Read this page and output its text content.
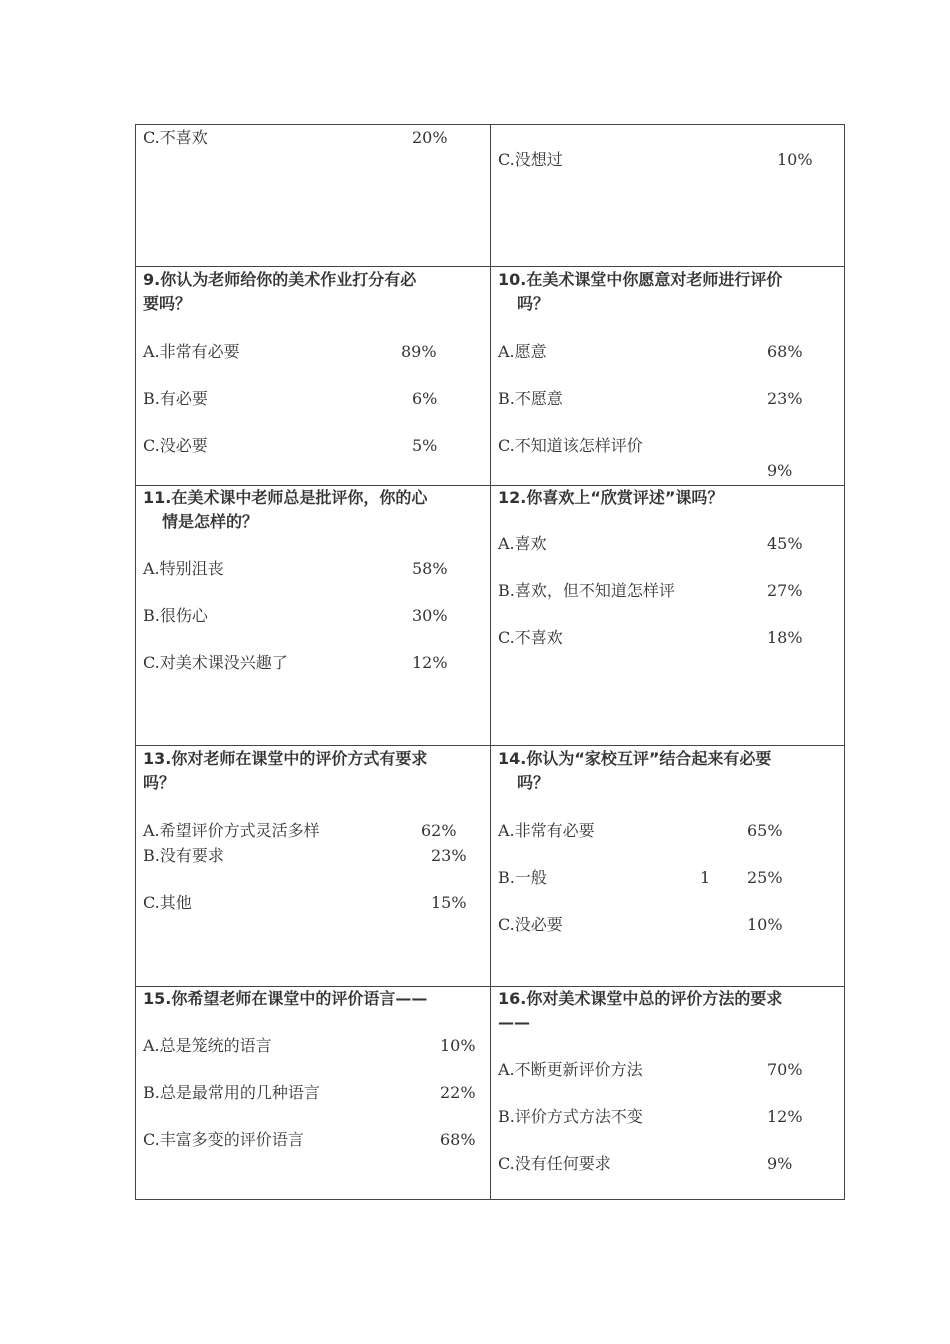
C.不喜欢	20%
C.没想过	10%
9.你认为老师给你的美术作业打分有必
要吗？
A.非常有必要	89%
B.有必要	6%
C.没必要	5%
10.在美术课堂中你愿意对老师进行评价
吗？
A.愿意	68%
B.不愿意	23%
C.不知道该怎样评价
9%
11.在美术课中老师总是批评你，你的心
情是怎样的？
A.特别沮丧	58%
B.很伤心	30%
C.对美术课没兴趣了	12%
12.你喜欢上“欣赏评述”课吗？
A.喜欢	45%
B.喜欢，但不知道怎样评	27%
C.不喜欢	18%
13.你对老师在课堂中的评价方式有要求
吗？
A.希望评价方式灵活多样	62%
B.没有要求	23%
C.其他	15%
14.你认为“家校互评”结合起来有必要
吗？
A.非常有必要	65%
B.一般	1 25%
C.没必要	10%
15.你希望老师在课堂中的评价语言——
A.总是笼统的语言	10%
B.总是最常用的几种语言	22%
C.丰富多变的评价语言	68%
16.你对美术课堂中总的评价方法的要求
——
A.不断更新评价方法	70%
B.评价方式方法不变	12%
C.没有任何要求	9%
